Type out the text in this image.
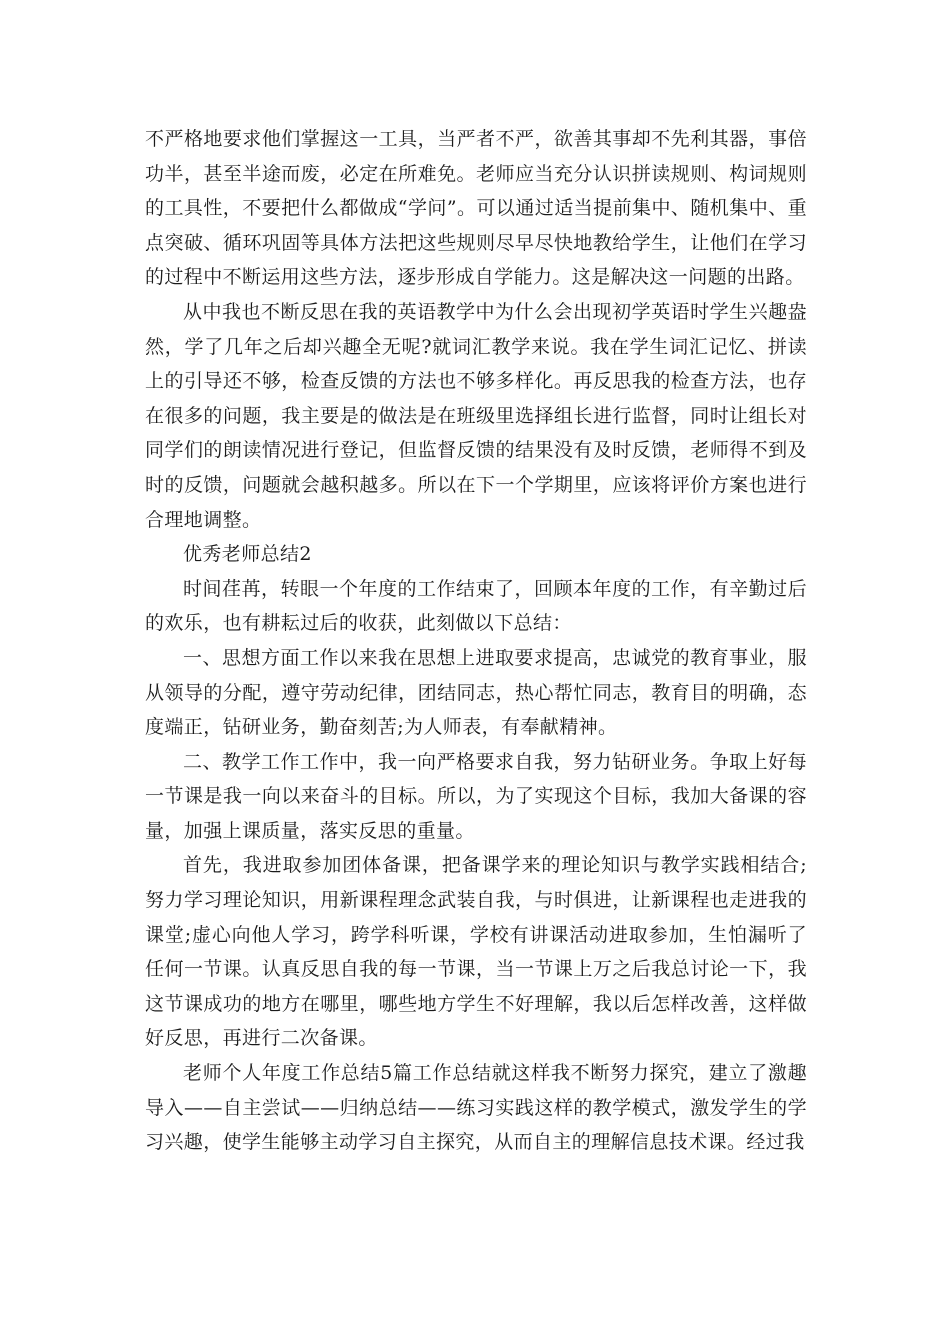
不严格地要求他们掌握这一工具，当严者不严，欲善其事却不先利其器，事倍功半，甚至半途而废，必定在所难免。老师应当充分认识拼读规则、构词规则的工具性，不要把什么都做成“学问”。可以通过适当提前集中、随机集中、重点突破、循环巩固等具体方法把这些规则尽早尽快地教给学生，让他们在学习的过程中不断运用这些方法，逐步形成自学能力。这是解决这一问题的出路。

从中我也不断反思在我的英语教学中为什么会出现初学英语时学生兴趣盎然，学了几年之后却兴趣全无呢?就词汇教学来说。我在学生词汇记忆、拼读上的引导还不够，检查反馈的方法也不够多样化。再反思我的检查方法，也存在很多的问题，我主要是的做法是在班级里选择组长进行监督，同时让组长对同学们的朗读情况进行登记，但监督反馈的结果没有及时反馈，老师得不到及时的反馈，问题就会越积越多。所以在下一个学期里，应该将评价方案也进行合理地调整。

优秀老师总结2

时间荏苒，转眼一个年度的工作结束了，回顾本年度的工作，有辛勤过后的欢乐，也有耕耘过后的收获，此刻做以下总结：

一、思想方面工作以来我在思想上进取要求提高，忠诚党的教育事业，服从领导的分配，遵守劳动纪律，团结同志，热心帮忙同志，教育目的明确，态度端正，钻研业务，勤奋刻苦;为人师表，有奉献精神。

二、教学工作工作中，我一向严格要求自我，努力钻研业务。争取上好每一节课是我一向以来奋斗的目标。所以，为了实现这个目标，我加大备课的容量，加强上课质量，落实反思的重量。

首先，我进取参加团体备课，把备课学来的理论知识与教学实践相结合;努力学习理论知识，用新课程理念武装自我，与时俱进，让新课程也走进我的课堂;虚心向他人学习，跨学科听课，学校有讲课活动进取参加，生怕漏听了任何一节课。认真反思自我的每一节课，当一节课上万之后我总讨论一下，我这节课成功的地方在哪里，哪些地方学生不好理解，我以后怎样改善，这样做好反思，再进行二次备课。

老师个人年度工作总结5篇工作总结就这样我不断努力探究，建立了激趣导入——自主尝试——归纳总结——练习实践这样的教学模式，激发学生的学习兴趣，使学生能够主动学习自主探究，从而自主的理解信息技术课。经过我
